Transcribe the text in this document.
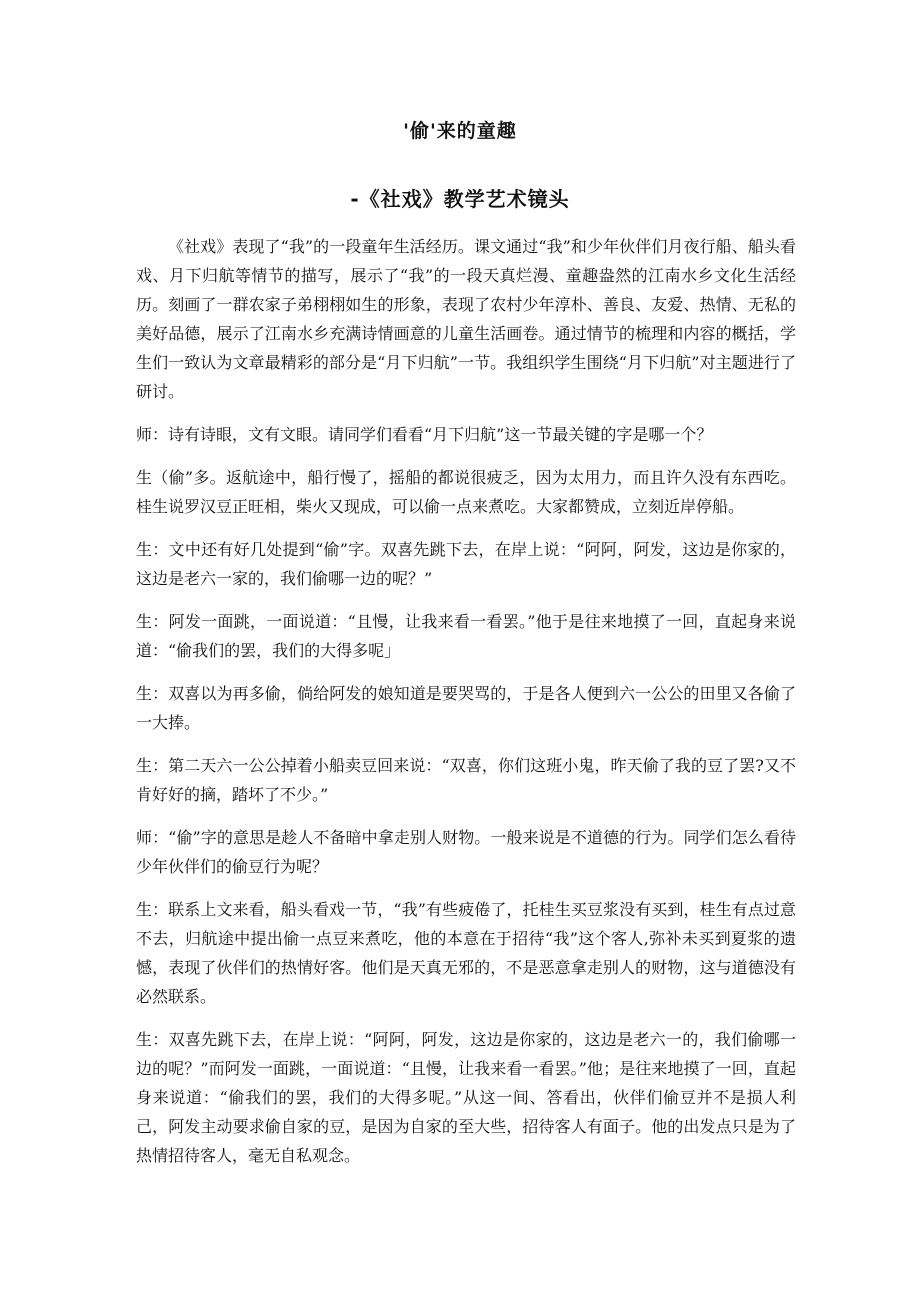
'偷'来的童趣
-《社戏》教学艺术镜头

《社戏》表现了“我”的一段童年生活经历。课文通过“我”和少年伙伴们月夜行船、船头看戏、月下归航等情节的描写，展示了“我”的一段天真烂漫、童趣盎然的江南水乡文化生活经历。刻画了一群农家子弟栩栩如生的形象，表现了农村少年淳朴、善良、友爱、热情、无私的美好品德，展示了江南水乡充满诗情画意的儿童生活画卷。通过情节的梳理和内容的概括，学生们一致认为文章最精彩的部分是“月下归航”一节。我组织学生围绕“月下归航”对主题进行了研讨。

师：诗有诗眼，文有文眼。请同学们看看“月下归航”这一节最关键的字是哪一个？

生（偷”多。返航途中，船行慢了，摇船的都说很疲乏，因为太用力，而且许久没有东西吃。桂生说罗汉豆正旺相，柴火又现成，可以偷一点来煮吃。大家都赞成，立刻近岸停船。

生：文中还有好几处提到“偷”字。双喜先跳下去，在岸上说：“阿阿，阿发，这边是你家的，这边是老六一家的，我们偷哪一边的呢？”

生：阿发一面跳，一面说道：“且慢，让我来看一看罢。”他于是往来地摸了一回，直起身来说道：“偷我们的罢，我们的大得多呢」

生：双喜以为再多偷，倘给阿发的娘知道是要哭骂的，于是各人便到六一公公的田里又各偷了一大捧。

生：第二天六一公公掉着小船卖豆回来说：“双喜，你们这班小鬼，昨天偷了我的豆了罢?又不肯好好的摘，踏坏了不少。”

师：“偷”字的意思是趁人不备暗中拿走别人财物。一般来说是不道德的行为。同学们怎么看待少年伙伴们的偷豆行为呢？

生：联系上文来看，船头看戏一节，“我”有些疲倦了，托桂生买豆浆没有买到，桂生有点过意不去，归航途中提出偷一点豆来煮吃，他的本意在于招待“我”这个客人,弥补未买到夏浆的遗憾，表现了伙伴们的热情好客。他们是天真无邪的，不是恶意拿走别人的财物，这与道德没有必然联系。

生：双喜先跳下去，在岸上说：“阿阿，阿发，这边是你家的，这边是老六一的，我们偷哪一边的呢？”而阿发一面跳，一面说道：“且慢，让我来看一看罢。”他；是往来地摸了一回，直起身来说道：“偷我们的罢，我们的大得多呢。”从这一间、答看出，伙伴们偷豆并不是损人利己，阿发主动要求偷自家的豆，是因为自家的至大些，招待客人有面子。他的出发点只是为了热情招待客人，毫无自私观念。
